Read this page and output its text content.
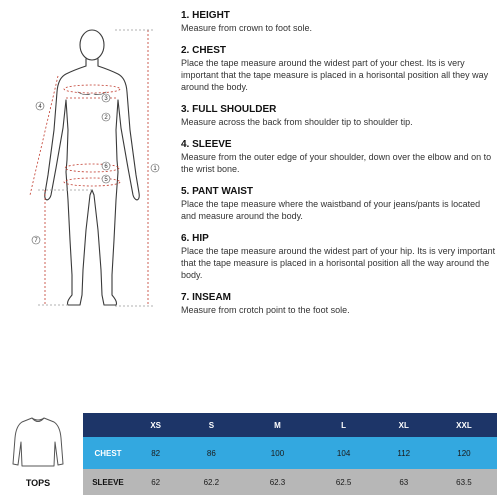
1
2
3
4
5
6
7
1. HEIGHT
Measure from crown to foot sole.
2. CHEST
Place the tape measure around the widest part of your chest. Its is very important that the tape measure is placed in a horisontal position all they way around the body.
3. FULL SHOULDER
Measure across the back from shoulder tip to shoulder tip.
4. SLEEVE
Measure from the outer edge of your shoulder, down over the elbow and on to the wrist bone.
5. PANT WAIST
Place the tape measure where the waistband of your jeans/pants is located and measure around the body.
6. HIP
Place the tape measure around the widest part of your hip. Its is very important that the tape measure is placed in a horisontal position all the way around the body.
7. INSEAM
Measure from crotch point to the foot sole.
TOPS
	XS	S	M	L	XL	XXL
CHEST	82	86	100	104	112	120
SLEEVE	62	62.2	62.3	62.5	63	63.5
